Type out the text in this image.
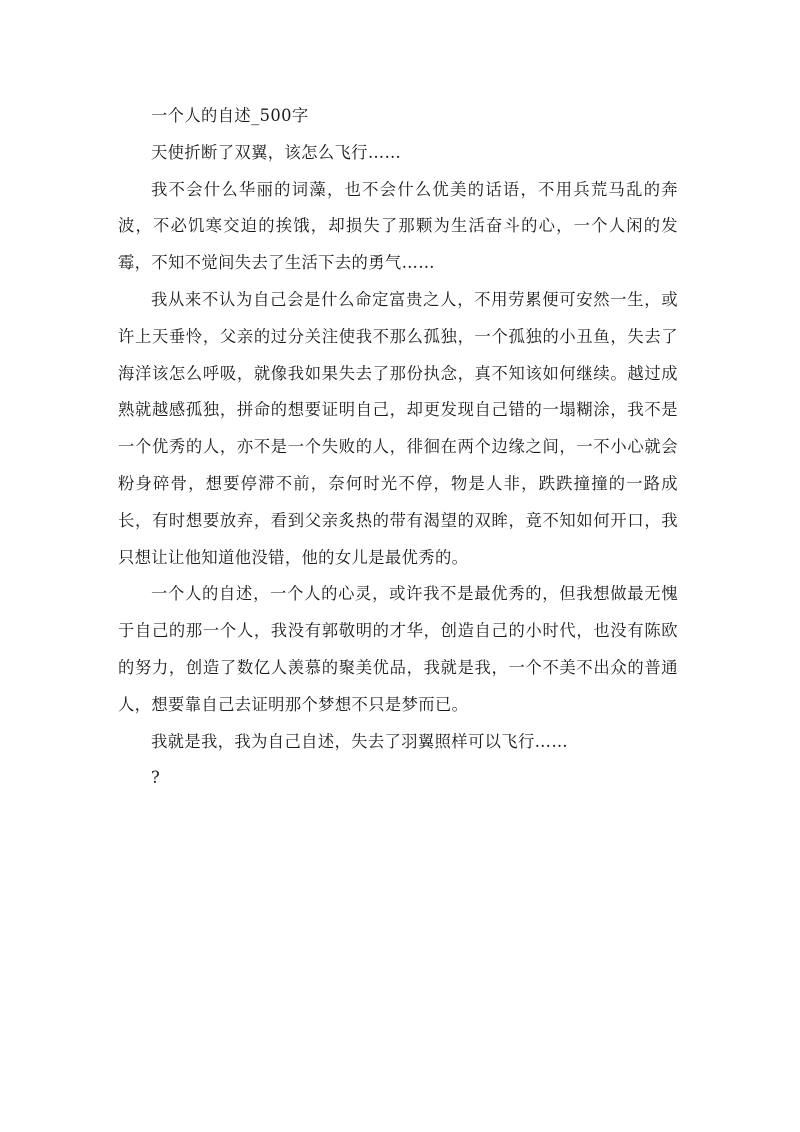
一个人的自述_500字

天使折断了双翼，该怎么飞行……

我不会什么华丽的词藻，也不会什么优美的话语，不用兵荒马乱的奔波，不必饥寒交迫的挨饿，却损失了那颗为生活奋斗的心，一个人闲的发霉，不知不觉间失去了生活下去的勇气……

我从来不认为自己会是什么命定富贵之人，不用劳累便可安然一生，或许上天垂怜，父亲的过分关注使我不那么孤独，一个孤独的小丑鱼，失去了海洋该怎么呼吸，就像我如果失去了那份执念，真不知该如何继续。越过成熟就越感孤独，拼命的想要证明自己，却更发现自己错的一塌糊涂，我不是一个优秀的人，亦不是一个失败的人，徘徊在两个边缘之间，一不小心就会粉身碎骨，想要停滞不前，奈何时光不停，物是人非，跌跌撞撞的一路成长，有时想要放弃，看到父亲炙热的带有渴望的双眸，竟不知如何开口，我只想让让他知道他没错，他的女儿是最优秀的。

一个人的自述，一个人的心灵，或许我不是最优秀的，但我想做最无愧于自己的那一个人，我没有郭敬明的才华，创造自己的小时代，也没有陈欧的努力，创造了数亿人羡慕的聚美优品，我就是我，一个不美不出众的普通人，想要靠自己去证明那个梦想不只是梦而已。

我就是我，我为自己自述，失去了羽翼照样可以飞行……

?
